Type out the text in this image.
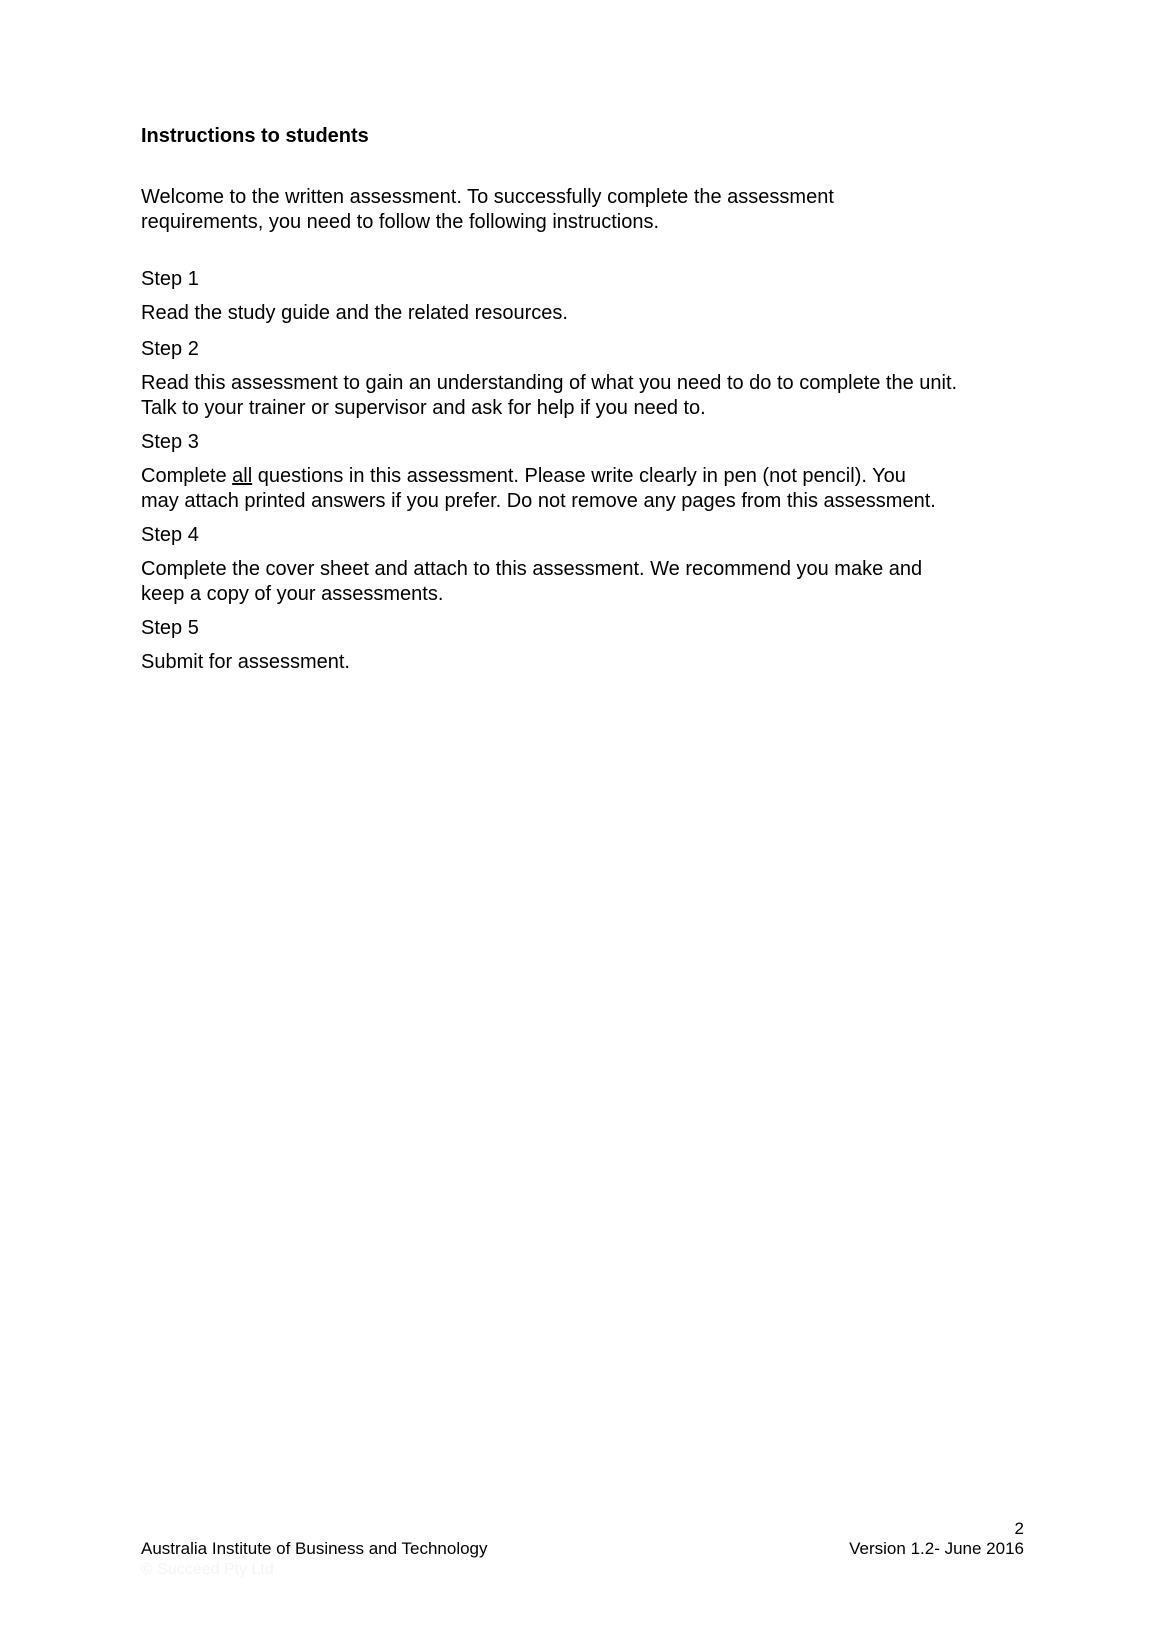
Instructions to students

Welcome to the written assessment. To successfully complete the assessment
requirements, you need to follow the following instructions.

Step 1

Read the study guide and the related resources.

Step 2

Read this assessment to gain an understanding of what you need to do to complete the unit.
Talk to your trainer or supervisor and ask for help if you need to.

Step 3

Complete all questions in this assessment. Please write clearly in pen (not pencil). You
may attach printed answers if you prefer. Do not remove any pages from this assessment.

Step 4

Complete the cover sheet and attach to this assessment. We recommend you make and
keep a copy of your assessments.

Step 5

Submit for assessment.

2
Australia Institute of Business and Technology	Version 1.2- June 2016
© Succeed Pty Ltd
